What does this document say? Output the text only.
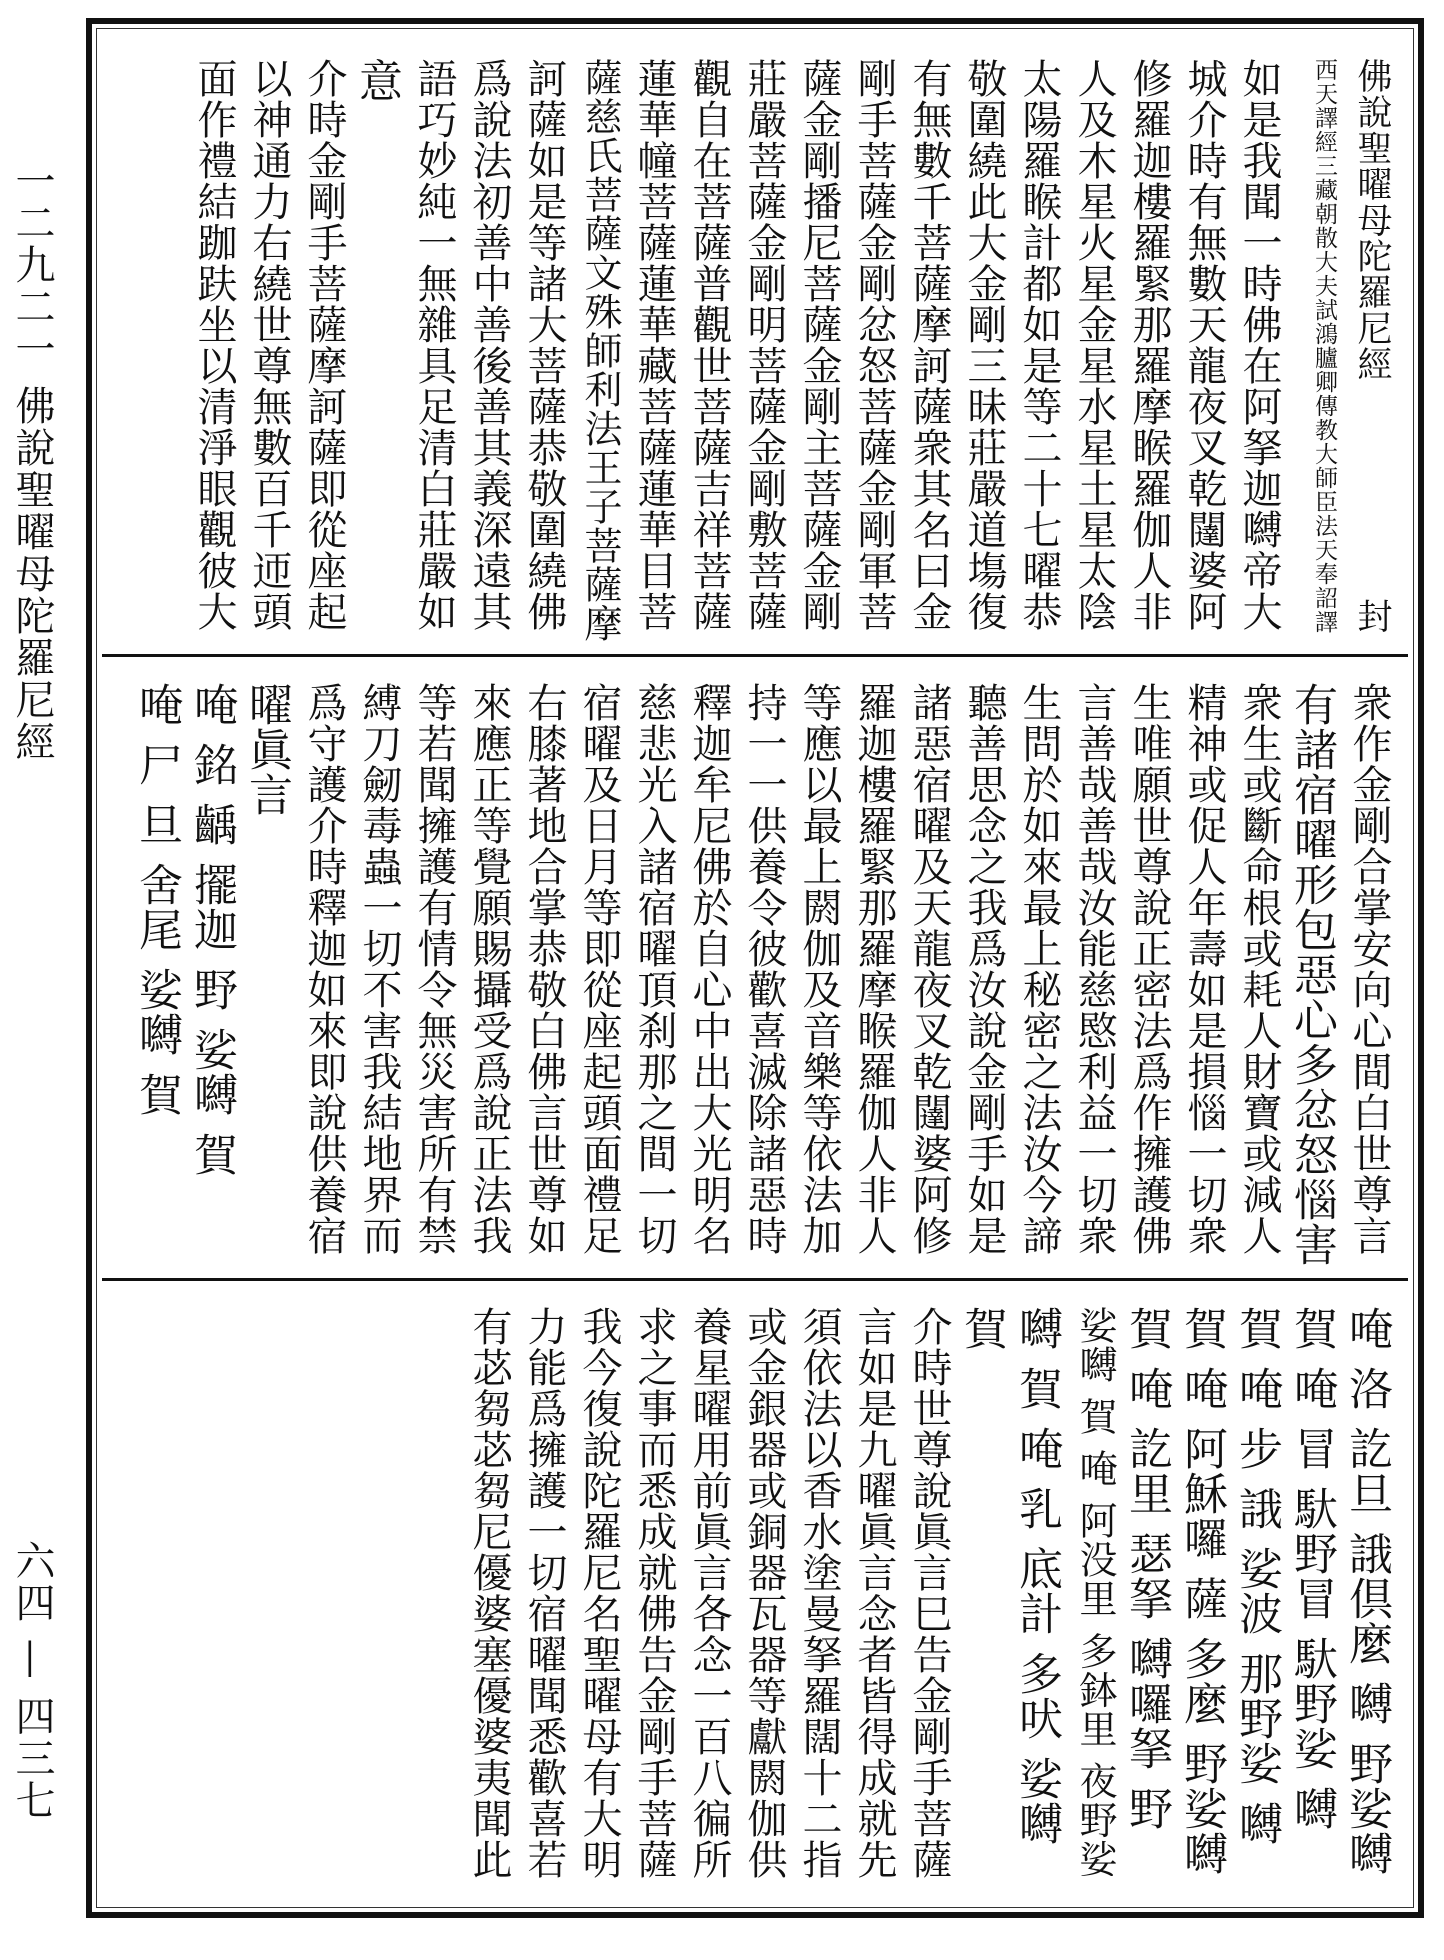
一二九二一 佛說聖曜母陀羅尼經
六四 — 四三七
佛說聖曜母陀羅尼經　　　　　　封
西天譯經三藏朝散大夫試鴻臚卿傳教大師臣法天奉詔譯
如是我聞一時佛在阿拏迦嚩帝大
城介時有無數天龍夜叉乾闥婆阿
修羅迦樓羅緊那羅摩睺羅伽人非
人及木星火星金星水星土星太陰
太陽羅睺計都如是等二十七曜恭
敬圍繞此大金剛三昧莊嚴道塲復
有無數千菩薩摩訶薩衆其名曰金
剛手菩薩金剛忿怒菩薩金剛軍菩
薩金剛播尼菩薩金剛主菩薩金剛
莊嚴菩薩金剛明菩薩金剛敷菩薩
觀自在菩薩普觀世菩薩吉祥菩薩
蓮華幢菩薩蓮華藏菩薩蓮華目菩
薩慈氏菩薩文殊師利法王子菩薩摩
訶薩如是等諸大菩薩恭敬圍繞佛
爲說法初善中善後善其義深遠其
語巧妙純一無雜具足清白莊嚴如
意
介時金剛手菩薩摩訶薩即從座起
以神通力右繞世尊無數百千迊頭
面作禮結跏趺坐以清淨眼觀彼大
衆作金剛合掌安向心間白世尊言
有諸宿曜形包惡心多忿怒惱害
衆生或斷命根或耗人財寶或減人
精神或促人年壽如是損惱一切衆
生唯願世尊說正密法爲作擁護佛
言善哉善哉汝能慈愍利益一切衆
生問於如來最上秘密之法汝今諦
聽善思念之我爲汝說金剛手如是
諸惡宿曜及天龍夜叉乾闥婆阿修
羅迦樓羅緊那羅摩睺羅伽人非人
等應以最上閼伽及音樂等依法加
持一一供養令彼歡喜滅除諸惡時
釋迦牟尼佛於自心中出大光明名
慈悲光入諸宿曜頂刹那之間一切
宿曜及日月等即從座起頭面禮足
右膝著地合掌恭敬白佛言世尊如
來應正等覺願賜攝受爲說正法我
等若聞擁護有情令無災害所有禁
縛刀劒毒蟲一切不害我結地界而
爲守護介時釋迦如來即說供養宿
曜眞言
唵 銘 齲 擺迦 野 娑嚩 賀
唵 尸 旦 舍尾 娑嚩 賀
唵 洛 訖旦 誐倶麼 嚩 野娑嚩
賀 唵 冒 馱野冒 馱野娑 嚩
賀 唵 步 誐 娑波 那野娑 嚩
賀 唵 阿穌囉 薩 多麼 野娑嚩
賀 唵 訖里 瑟拏 嚩囉拏 野
娑嚩 賀 唵 阿没里 多鉢里 夜野娑
嚩 賀 唵 乳 底計 多吠 娑嚩
賀
介時世尊說眞言巳告金剛手菩薩
言如是九曜眞言念者皆得成就先
須依法以香水塗曼拏羅闊十二指
或金銀器或銅器瓦器等獻閼伽供
養星曜用前眞言各念一百八徧所
求之事而悉成就佛告金剛手菩薩
我今復說陀羅尼名聖曜母有大明
力能爲擁護一切宿曜聞悉歡喜若
有苾芻苾芻尼優婆塞優婆夷聞此
